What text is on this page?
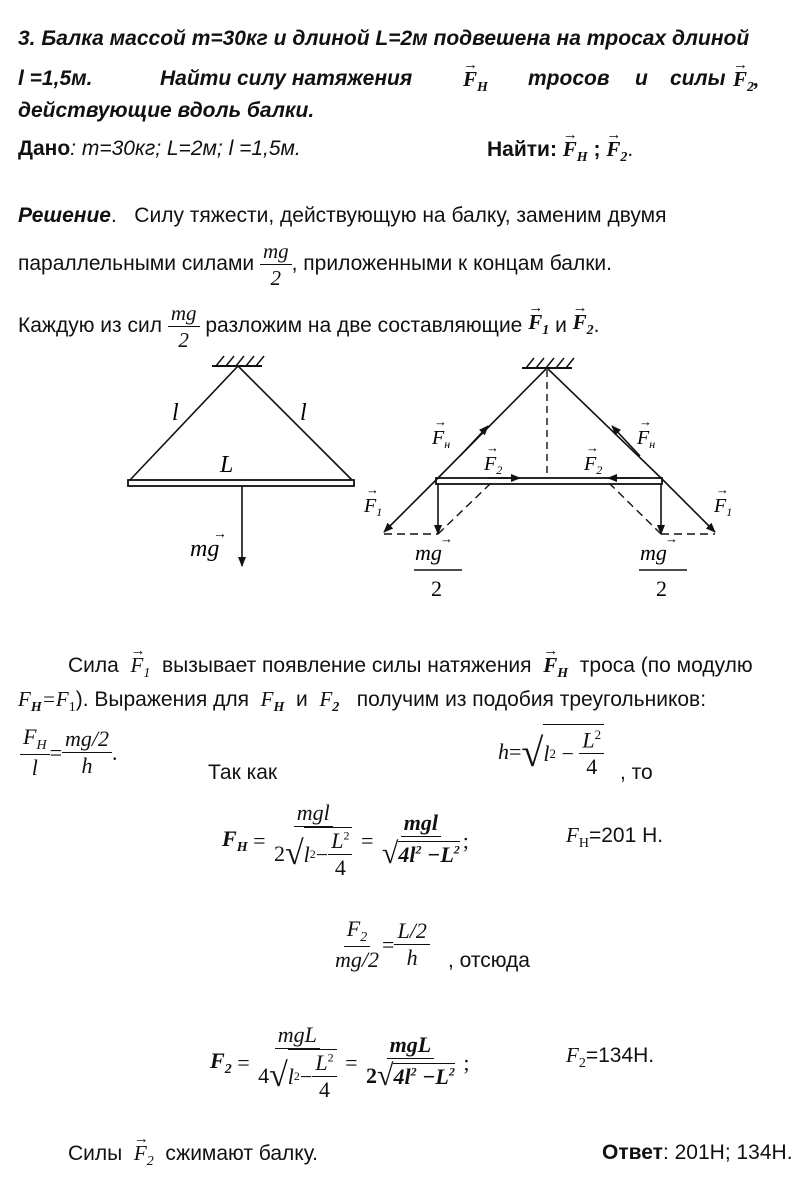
3. Балка массой m=30кг и длиной L=2м подвешена на тросах длиной
l =1,5м.	Найти силу натяжения → $F_Н$ тросов и силы → $F_2$,
действующие вдоль балки.
Дано: m=30кг; L=2м; l =1,5м.	Найти: → $F_Н$ ; → $F_2$.
Решение.   Силу тяжести, действующую на балку, заменим двумя
параллельными силами
$\frac{mg}{2}$ , приложенными к концам балки.
Каждую из сил
$\frac{mg}{2}$
разложим на две составляющие
→ $F_1$
и
→ $F_2$ .
l	l
L
mg
→
$F_н$
→
$F_н$
→
$F_2$
→
$F_2$
→
$F_1$
→
$F_1$
→
mg
→
2
mg
→
2
Сила → $F_1$ вызывает появление силы натяжения → $F_Н$ троса (по модулю
$F_Н=F_1$). Выражения для $F_Н$ и $F_2$ получим из подобия треугольников:
$\frac{F_Н}{l} = \frac{mg/2}{h}$ .
Так как
h = √ l $2 - \frac{L^2}{4}$ , то
$F_Н = \frac{\text{mgl}}{2 √ l 2 - \frac{L^2}{4}} = \frac{\text{mgl}}{√ 4l^2 -L^2}$ ;	$F_Н=201$ Н.
$\frac{F_2}{mg/2} = \frac{L/2}{h}$ , отсюда
$F_2 = \frac{\text{mgL}}{4 √ l 2 - \frac{L^2}{4}} = \frac{\text{mgL}}{2 √ 4l^2 -L^2}$ ;	$F_2=134Н$.
Силы → $F_2$ сжимают балку.	Ответ: 201Н; 134Н.
